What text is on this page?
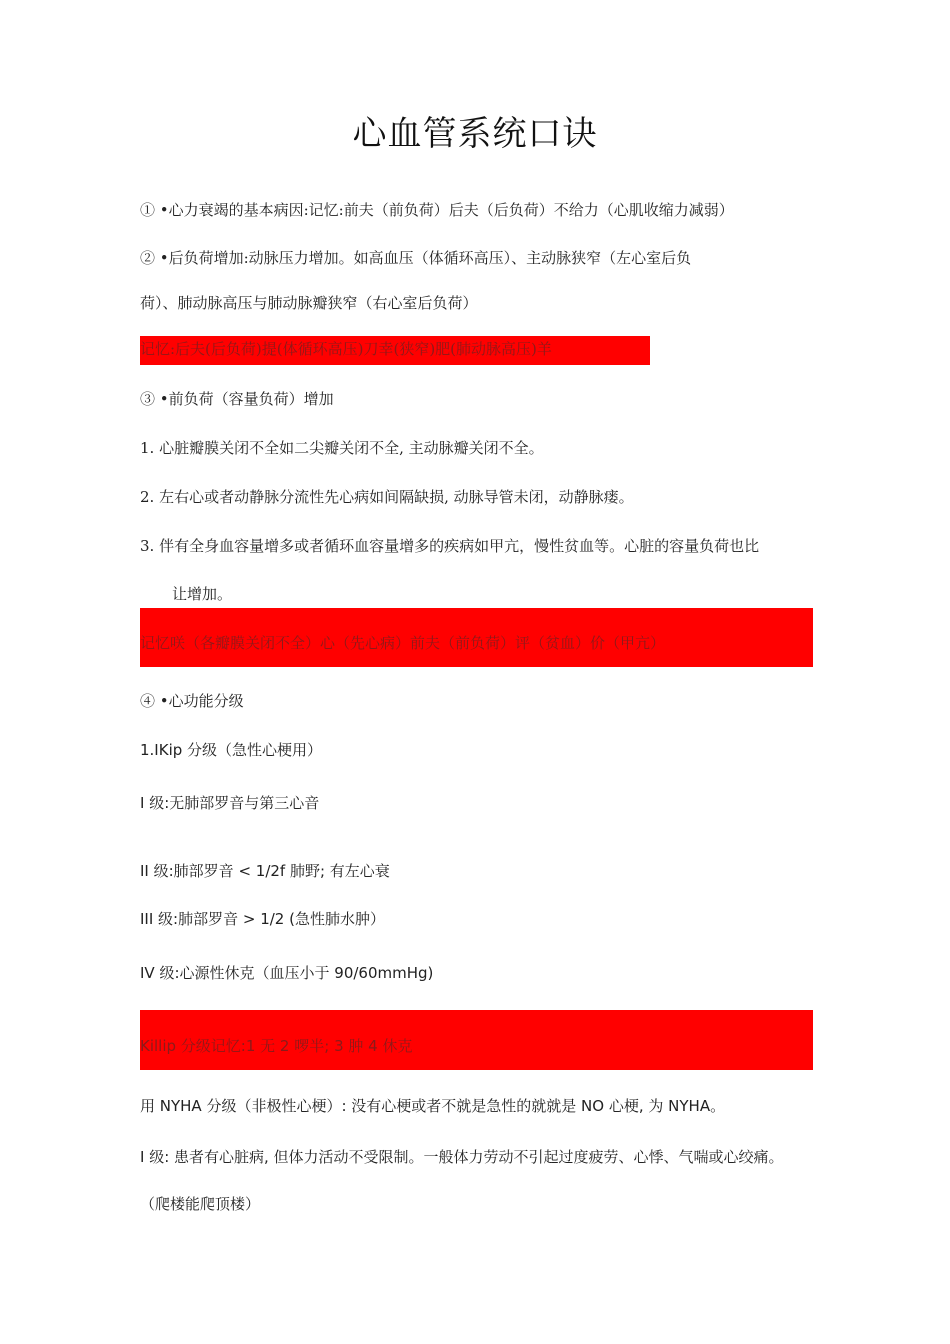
心血管系统口诀
① •心力衰竭的基本病因:记忆:前夫（前负荷）后夫（后负荷）不给力（心肌收缩力减弱）
② •后负荷增加:动脉压力增加。如高血压（体循环高压）、主动脉狭窄（左心室后负
荷）、肺动脉高压与肺动脉瓣狭窄（右心室后负荷）
记忆:后夫(后负荷)提(体循环高压)刀幸(狭窄)肥(肺动脉高压)羊
③ •前负荷（容量负荷）增加
1. 心脏瓣膜关闭不全如二尖瓣关闭不全, 主动脉瓣关闭不全。
2. 左右心或者动静脉分流性先心病如间隔缺损, 动脉导管未闭，动静脉瘘。
3. 伴有全身血容量增多或者循环血容量增多的疾病如甲亢，慢性贫血等。心脏的容量负荷也比
让增加。
记忆咲（各瓣膜关闭不全）心（先心病）前夫（前负荷）评（贫血）价（甲亢）
④ •心功能分级
1.IKip 分级（急性心梗用）
I 级:无肺部罗音与第三心音
II 级:肺部罗音 < 1/2f 肺野; 有左心衰
III 级:肺部罗音 > 1/2 (急性肺水肿）
IV 级:心源性休克（血压小于 90/60mmHg)
Killip 分级记忆:1 无 2 啰半; 3 肿 4 休克
用 NYHA 分级（非极性心梗）: 没有心梗或者不就是急性的就就是 NO 心梗, 为 NYHA。
I 级: 患者有心脏病, 但体力活动不受限制。一般体力劳动不引起过度疲劳、心悸、气喘或心绞痛。
（爬楼能爬顶楼）
